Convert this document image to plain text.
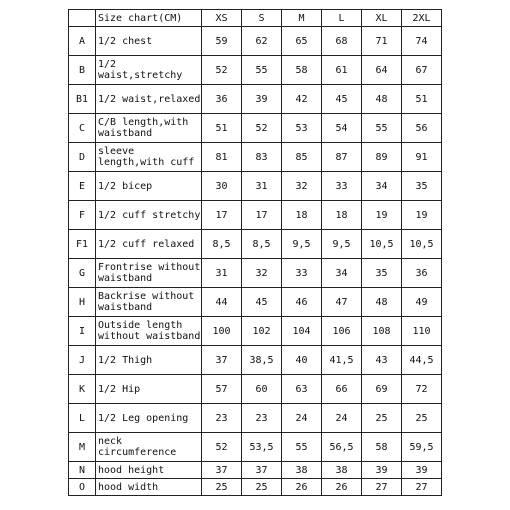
	Size chart(CM)	XS	S	M	L	XL	2XL
A	1/2 chest	59	62	65	68	71	74
B	1/2 waist,stretchy	52	55	58	61	64	67
B1	1/2 waist,relaxed	36	39	42	45	48	51
C	C/B length,with waistband	51	52	53	54	55	56
D	sleeve length,with cuff	81	83	85	87	89	91
E	1/2 bicep	30	31	32	33	34	35
F	1/2 cuff stretchy	17	17	18	18	19	19
F1	1/2 cuff relaxed	8,5	8,5	9,5	9,5	10,5	10,5
G	Frontrise without waistband	31	32	33	34	35	36
H	Backrise without waistband	44	45	46	47	48	49
I	Outside length without waistband	100	102	104	106	108	110
J	1/2 Thigh	37	38,5	40	41,5	43	44,5
K	1/2 Hip	57	60	63	66	69	72
L	1/2 Leg opening	23	23	24	24	25	25
M	neck circumference	52	53,5	55	56,5	58	59,5
N	hood height	37	37	38	38	39	39
O	hood width	25	25	26	26	27	27
